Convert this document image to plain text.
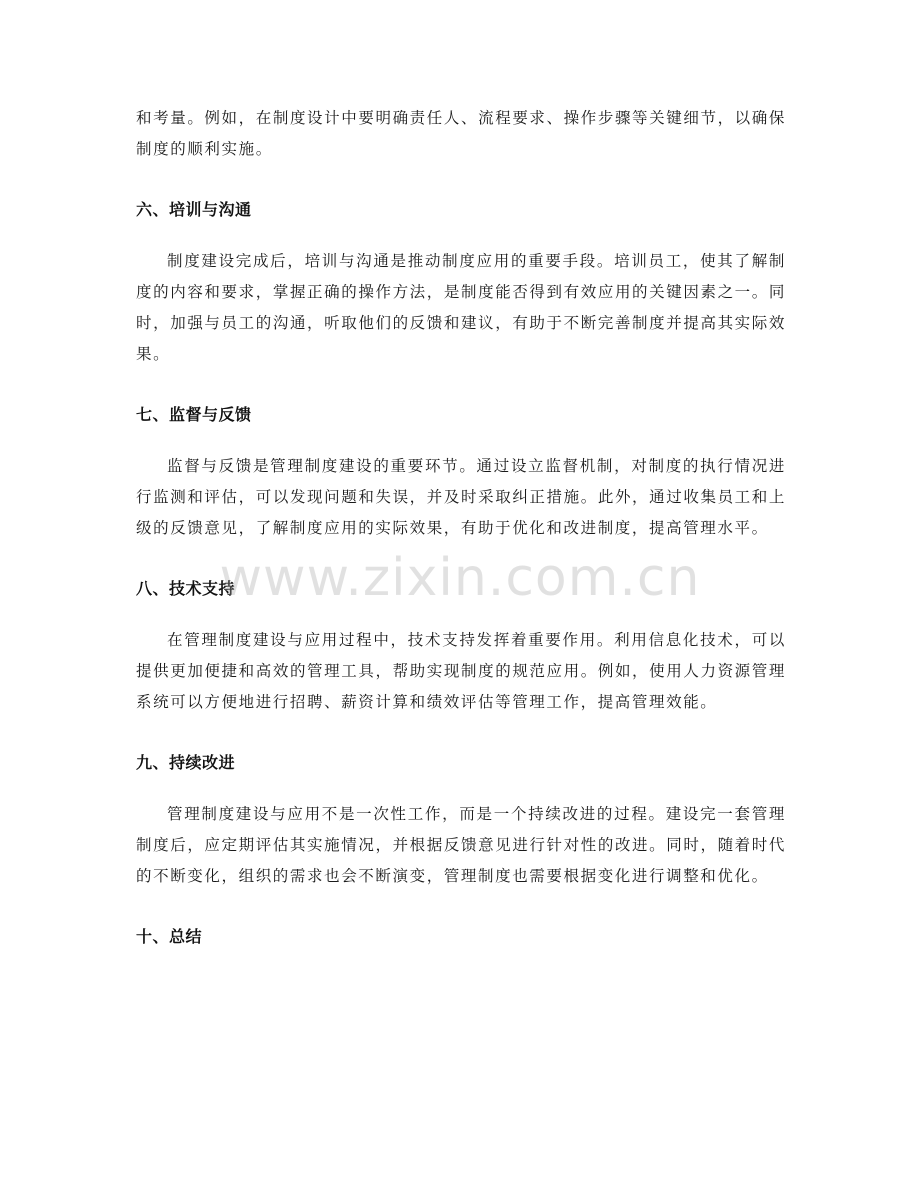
和考量。例如，在制度设计中要明确责任人、流程要求、操作步骤等关键细节，以确保制度的顺利实施。

六、培训与沟通

制度建设完成后，培训与沟通是推动制度应用的重要手段。培训员工，使其了解制度的内容和要求，掌握正确的操作方法，是制度能否得到有效应用的关键因素之一。同时，加强与员工的沟通，听取他们的反馈和建议，有助于不断完善制度并提高其实际效果。

七、监督与反馈

监督与反馈是管理制度建设的重要环节。通过设立监督机制，对制度的执行情况进行监测和评估，可以发现问题和失误，并及时采取纠正措施。此外，通过收集员工和上级的反馈意见，了解制度应用的实际效果，有助于优化和改进制度，提高管理水平。

八、技术支持

在管理制度建设与应用过程中，技术支持发挥着重要作用。利用信息化技术，可以提供更加便捷和高效的管理工具，帮助实现制度的规范应用。例如，使用人力资源管理系统可以方便地进行招聘、薪资计算和绩效评估等管理工作，提高管理效能。

九、持续改进

管理制度建设与应用不是一次性工作，而是一个持续改进的过程。建设完一套管理制度后，应定期评估其实施情况，并根据反馈意见进行针对性的改进。同时，随着时代的不断变化，组织的需求也会不断演变，管理制度也需要根据变化进行调整和优化。

十、总结
www.zixin.com.cn
